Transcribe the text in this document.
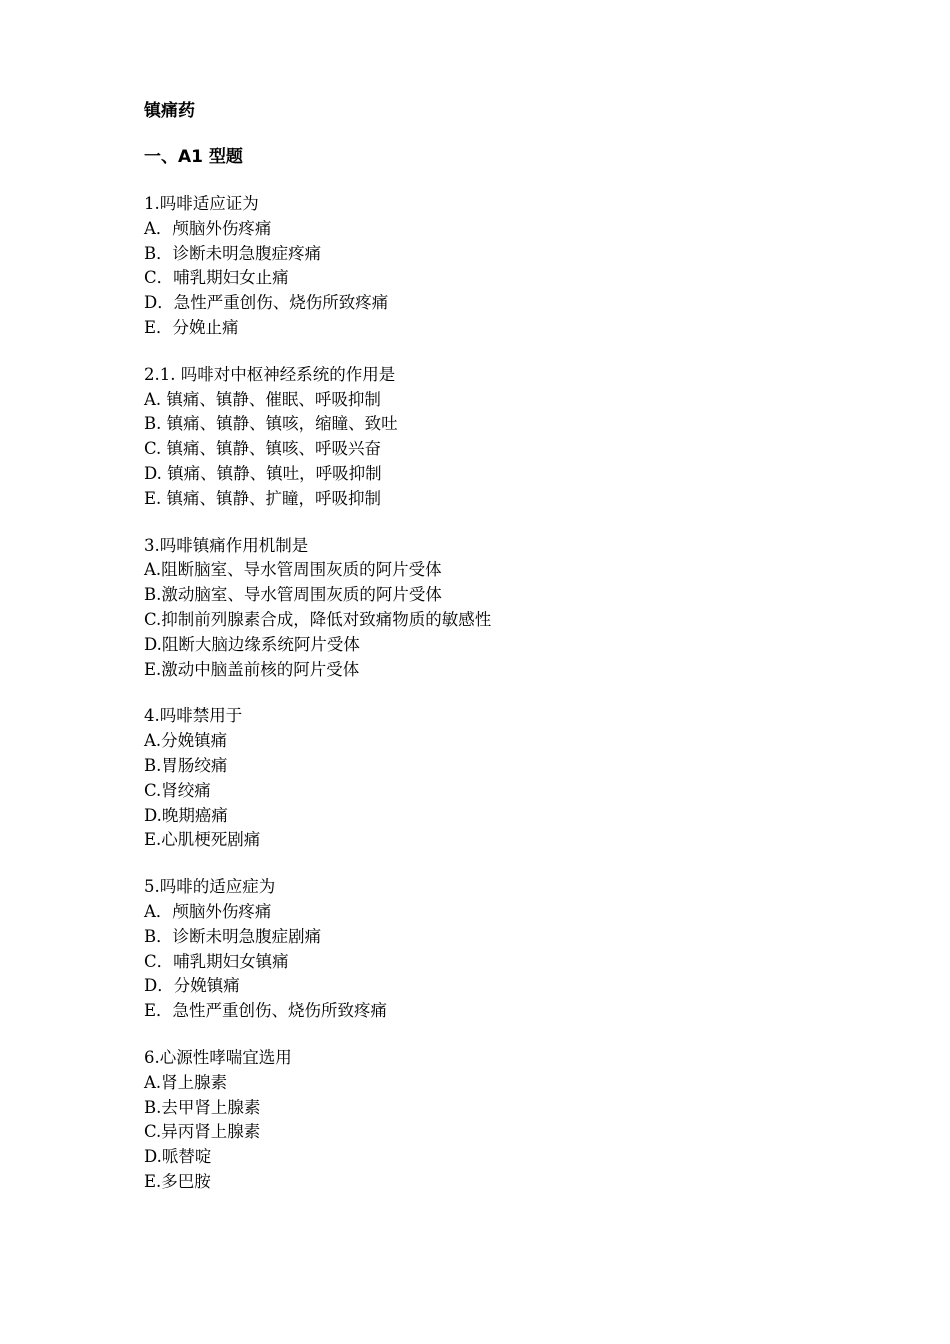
镇痛药
一、A1 型题
1.吗啡适应证为
A．颅脑外伤疼痛
B．诊断未明急腹症疼痛
C．哺乳期妇女止痛
D．急性严重创伤、烧伤所致疼痛
E．分娩止痛
2.1. 吗啡对中枢神经系统的作用是
A. 镇痛、镇静、催眠、呼吸抑制
B. 镇痛、镇静、镇咳，缩瞳、致吐
C. 镇痛、镇静、镇咳、呼吸兴奋
D. 镇痛、镇静、镇吐，呼吸抑制
E. 镇痛、镇静、扩瞳，呼吸抑制
3.吗啡镇痛作用机制是
A.阻断脑室、导水管周围灰质的阿片受体
B.激动脑室、导水管周围灰质的阿片受体
C.抑制前列腺素合成，降低对致痛物质的敏感性
D.阻断大脑边缘系统阿片受体
E.激动中脑盖前核的阿片受体
4.吗啡禁用于
A.分娩镇痛
B.胃肠绞痛
C.肾绞痛
D.晚期癌痛
E.心肌梗死剧痛
5.吗啡的适应症为
A．颅脑外伤疼痛
B．诊断未明急腹症剧痛
C．哺乳期妇女镇痛
D．分娩镇痛
E．急性严重创伤、烧伤所致疼痛
6.心源性哮喘宜选用
A.肾上腺素
B.去甲肾上腺素
C.异丙肾上腺素
D.哌替啶
E.多巴胺
